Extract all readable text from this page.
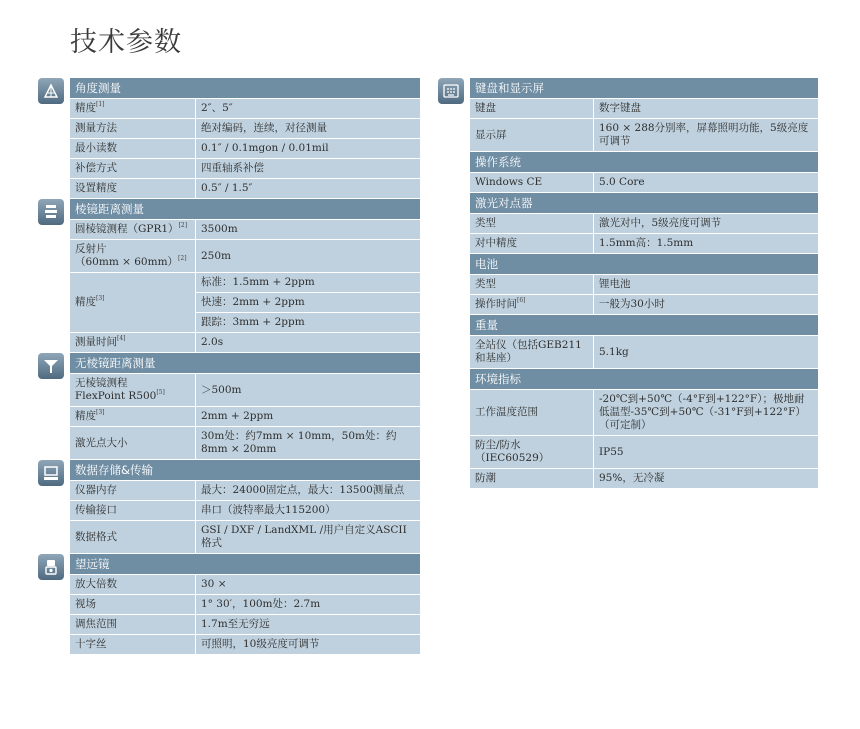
技术参数
角度测量
精度[1]	2″、5″
测量方法	绝对编码，连续，对径测量
最小读数	0.1″ / 0.1mgon / 0.01mil
补偿方式	四重轴系补偿
设置精度	0.5″ / 1.5″
棱镜距离测量
圆棱镜测程（GPR1）[2]	3500m

反射片
（60mm × 60mm）[2]	250m
精度[3]	标准：1.5mm + 2ppm
	快速：2mm + 2ppm
	跟踪：3mm + 2ppm
测量时间[4]	2.0s
无棱镜距离测量
无棱镜测程
FlexPoint R500[5]	＞500m
精度[3]	2mm + 2ppm
激光点大小	30m处：约7mm × 10mm，50m处：约8mm × 20mm
数据存储&传输
仪器内存	最大：24000固定点，最大：13500测量点
传输接口	串口（波特率最大115200）
数据格式	GSI / DXF / LandXML /用户自定义ASCII格式
望远镜
放大倍数	30 ×
视场	1° 30′，100m处：2.7m
调焦范围	1.7m至无穷远
十字丝	可照明，10级亮度可调节
键盘和显示屏
键盘	数字键盘
显示屏	160 × 288分别率，屏幕照明功能，5级亮度可调节
操作系统
Windows CE	5.0 Core
激光对点器
类型	激光对中，5级亮度可调节
对中精度	1.5mm高：1.5mm
电池
类型	锂电池
操作时间[6]	一般为30小时
重量
全站仪（包括GEB211和基座）	5.1kg
环境指标
工作温度范围	-20℃到+50℃（-4°F到+122°F）；极地耐低温型-35℃到+50℃（-31°F到+122°F）（可定制）
防尘/防水（IEC60529）	IP55
防潮	95%，无冷凝
